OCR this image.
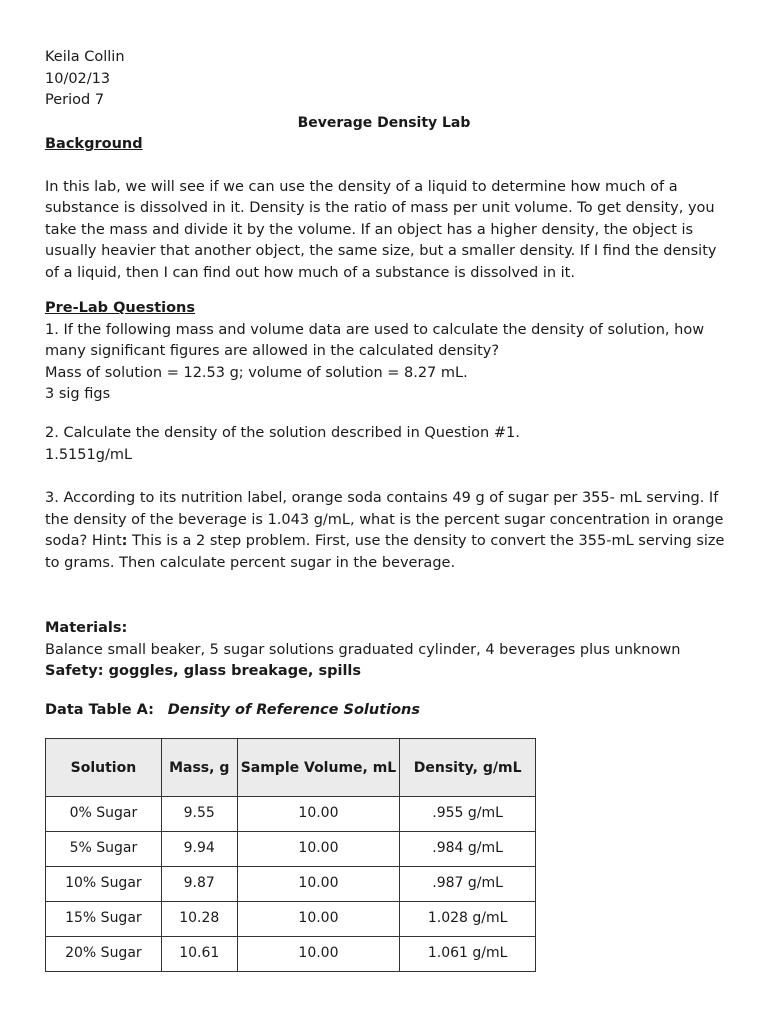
Keila Collin
10/02/13
Period 7
Beverage Density Lab
Background

In this lab, we will see if we can use the density of a liquid to determine how much of a substance is dissolved in it. Density is the ratio of mass per unit volume. To get density, you take the mass and divide it by the volume. If an object has a higher density, the object is usually heavier that another object, the same size, but a smaller density. If I find the density of a liquid, then I can find out how much of a substance is dissolved in it.

Pre-Lab Questions

1. If the following mass and volume data are used to calculate the density of solution, how many significant figures are allowed in the calculated density?

Mass of solution = 12.53 g; volume of solution = 8.27 mL.

3 sig figs

2. Calculate the density of the solution described in Question #1.

1.5151g/mL

3. According to its nutrition label, orange soda contains 49 g of sugar per 355- mL serving. If the density of the beverage is 1.043 g/mL, what is the percent sugar concentration in orange soda? Hint: This is a 2 step problem. First, use the density to convert the 355-mL serving size to grams. Then calculate percent sugar in the beverage.

Materials:

Balance small beaker, 5 sugar solutions graduated cylinder, 4 beverages plus unknown

Safety: goggles, glass breakage, spills

Data Table A: Density of Reference Solutions
Solution	Mass, g	Sample Volume, mL	Density, g/mL
0% Sugar	9.55	10.00	.955 g/mL
5% Sugar	9.94	10.00	.984 g/mL
10% Sugar	9.87	10.00	.987 g/mL
15% Sugar	10.28	10.00	1.028 g/mL
20% Sugar	10.61	10.00	1.061 g/mL
